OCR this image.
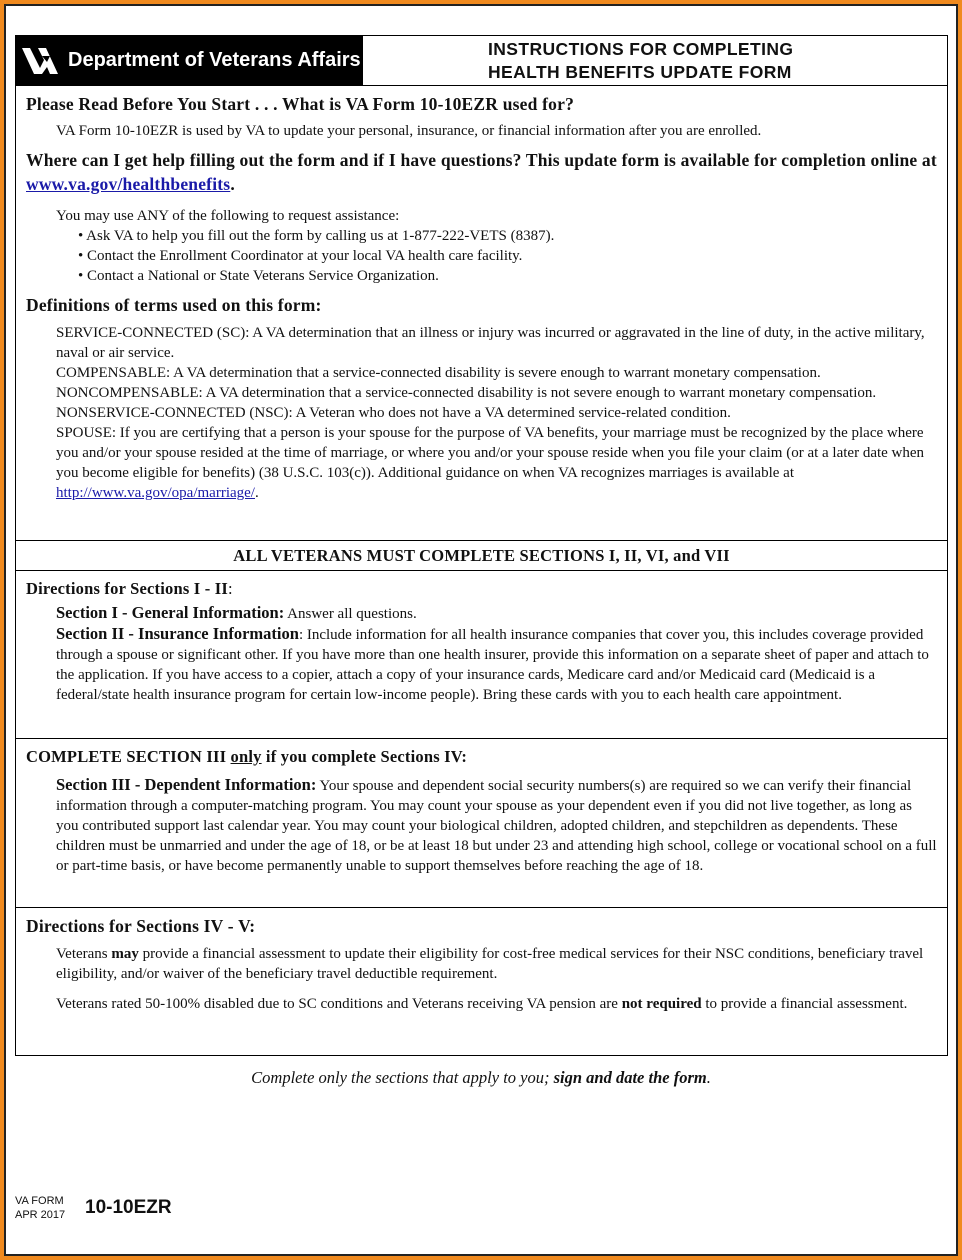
Department of Veterans Affairs	INSTRUCTIONS FOR COMPLETING
HEALTH BENEFITS UPDATE FORM
Please Read Before You Start . . . What is VA Form 10-10EZR used for?
VA Form 10-10EZR is used by VA to update your personal, insurance, or financial information after you are enrolled.
Where can I get help filling out the form and if I have questions? This update form is available for completion online at www.va.gov/healthbenefits.
You may use ANY of the following to request assistance:
• Ask VA to help you fill out the form by calling us at 1-877-222-VETS (8387).
• Contact the Enrollment Coordinator at your local VA health care facility.
• Contact a National or State Veterans Service Organization.
Definitions of terms used on this form:
SERVICE-CONNECTED (SC): A VA determination that an illness or injury was incurred or aggravated in the line of duty, in the active military, naval or air service.
COMPENSABLE: A VA determination that a service-connected disability is severe enough to warrant monetary compensation.
NONCOMPENSABLE: A VA determination that a service-connected disability is not severe enough to warrant monetary compensation.
NONSERVICE-CONNECTED (NSC): A Veteran who does not have a VA determined service-related condition.
SPOUSE: If you are certifying that a person is your spouse for the purpose of VA benefits, your marriage must be recognized by the place where you and/or your spouse resided at the time of marriage, or where you and/or your spouse reside when you file your claim (or at a later date when you become eligible for benefits) (38 U.S.C. 103(c)). Additional guidance on when VA recognizes marriages is available at http://www.va.gov/opa/marriage/.
ALL VETERANS MUST COMPLETE SECTIONS I, II, VI, and VII
Directions for Sections I - II:
Section I - General Information: Answer all questions.
Section II - Insurance Information: Include information for all health insurance companies that cover you, this includes coverage provided through a spouse or significant other. If you have more than one health insurer, provide this information on a separate sheet of paper and attach to the application. If you have access to a copier, attach a copy of your insurance cards, Medicare card and/or Medicaid card (Medicaid is a federal/state health insurance program for certain low-income people). Bring these cards with you to each health care appointment.
COMPLETE SECTION III only if you complete Sections IV:
Section III - Dependent Information: Your spouse and dependent social security numbers(s) are required so we can verify their financial information through a computer-matching program. You may count your spouse as your dependent even if you did not live together, as long as you contributed support last calendar year. You may count your biological children, adopted children, and stepchildren as dependents. These children must be unmarried and under the age of 18, or be at least 18 but under 23 and attending high school, college or vocational school on a full or part-time basis, or have become permanently unable to support themselves before reaching the age of 18.
Directions for Sections IV - V:
Veterans may provide a financial assessment to update their eligibility for cost-free medical services for their NSC conditions, beneficiary travel eligibility, and/or waiver of the beneficiary travel deductible requirement.
Veterans rated 50-100% disabled due to SC conditions and Veterans receiving VA pension are not required to provide a financial assessment.
Complete only the sections that apply to you; sign and date the form.
VA FORM
APR 2017 10-10EZR
